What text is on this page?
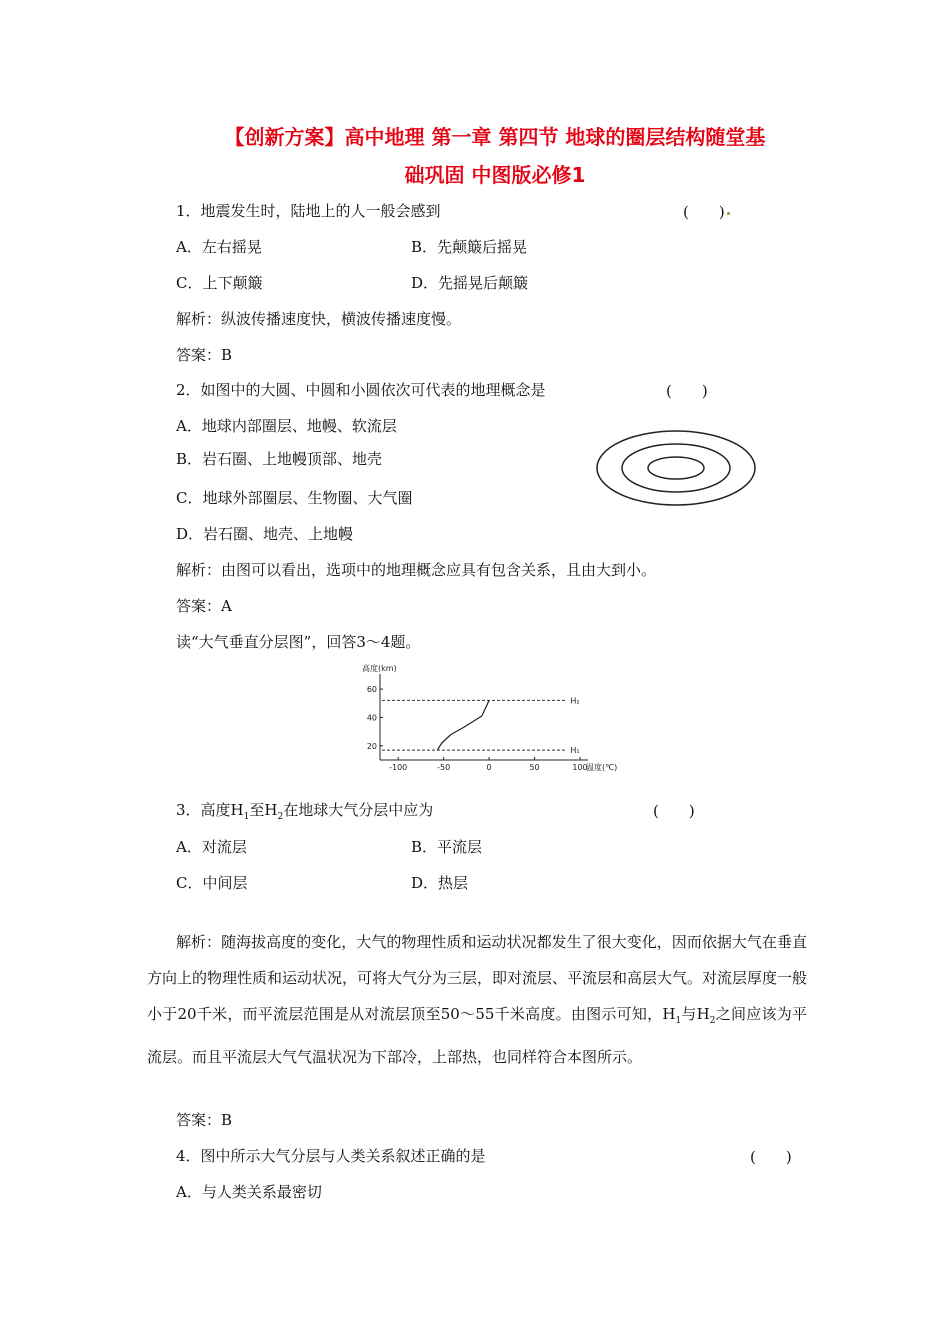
【创新方案】高中地理 第一章 第四节 地球的圈层结构随堂基
础巩固 中图版必修1
1．地震发生时，陆地上的人一般会感到	(　　)
A．左右摇晃	B．先颠簸后摇晃
C．上下颠簸	D．先摇晃后颠簸
解析：纵波传播速度快，横波传播速度慢。
答案：B
2．如图中的大圆、中圆和小圆依次可代表的地理概念是	(　　)
A．地球内部圈层、地幔、软流层
B．岩石圈、上地幔顶部、地壳
C．地球外部圈层、生物圈、大气圈
D．岩石圈、地壳、上地幔
解析：由图可以看出，选项中的地理概念应具有包含关系，且由大到小。
答案：A
读“大气垂直分层图”，回答3～4题。
高度(km)
温度(℃)
20
40
60
-100	-50	0	50	100
H₂
H₁
3．高度$H_1$至$H_2$在地球大气分层中应为	(　　)
A．对流层	B．平流层
C．中间层	D．热层
解析：随海拔高度的变化，大气的物理性质和运动状况都发生了很大变化，因而依据大气在垂直方向上的物理性质和运动状况，可将大气分为三层，即对流层、平流层和高层大气。对流层厚度一般小于20千米，而平流层范围是从对流层顶至50～55千米高度。由图示可知，$H_1$与$H_2$之间应该为平流层。而且平流层大气气温状况为下部冷，上部热，也同样符合本图所示。
答案：B
4．图中所示大气分层与人类关系叙述正确的是	(　　)
A．与人类关系最密切
